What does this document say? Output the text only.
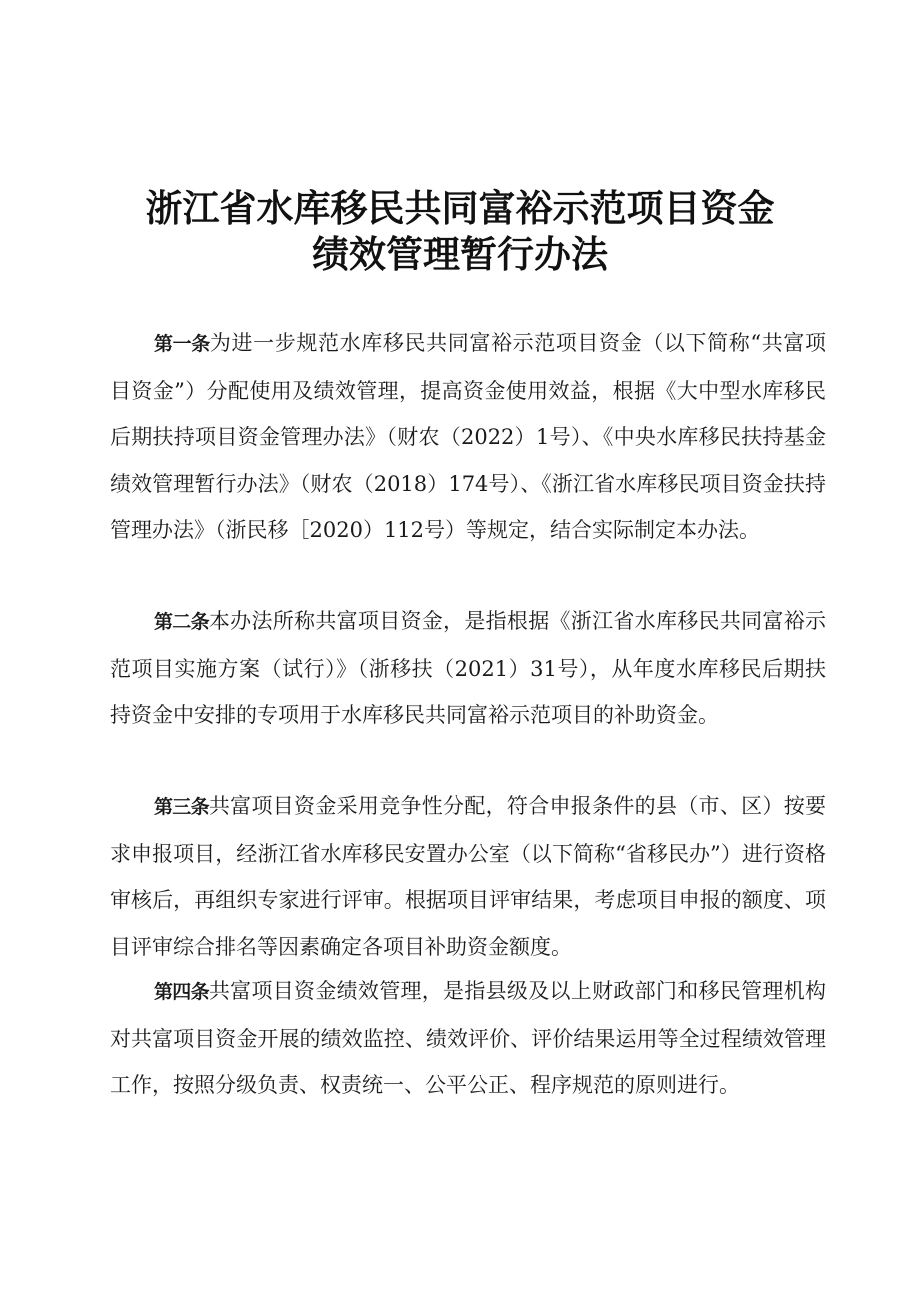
浙江省水库移民共同富裕示范项目资金
绩效管理暂行办法

第一条为进一步规范水库移民共同富裕示范项目资金（以下简称“共富项目资金”）分配使用及绩效管理，提高资金使用效益，根据《大中型水库移民后期扶持项目资金管理办法》（财农（2022）1号）、《中央水库移民扶持基金绩效管理暂行办法》（财农（2018）174号）、《浙江省水库移民项目资金扶持管理办法》（浙民移［2020）112号）等规定，结合实际制定本办法。

第二条本办法所称共富项目资金，是指根据《浙江省水库移民共同富裕示范项目实施方案（试行）》（浙移扶（2021）31号），从年度水库移民后期扶持资金中安排的专项用于水库移民共同富裕示范项目的补助资金。

第三条共富项目资金采用竞争性分配，符合申报条件的县（市、区）按要求申报项目，经浙江省水库移民安置办公室（以下简称“省移民办”）进行资格审核后，再组织专家进行评审。根据项目评审结果，考虑项目申报的额度、项目评审综合排名等因素确定各项目补助资金额度。

第四条共富项目资金绩效管理，是指县级及以上财政部门和移民管理机构对共富项目资金开展的绩效监控、绩效评价、评价结果运用等全过程绩效管理工作，按照分级负责、权责统一、公平公正、程序规范的原则进行。
